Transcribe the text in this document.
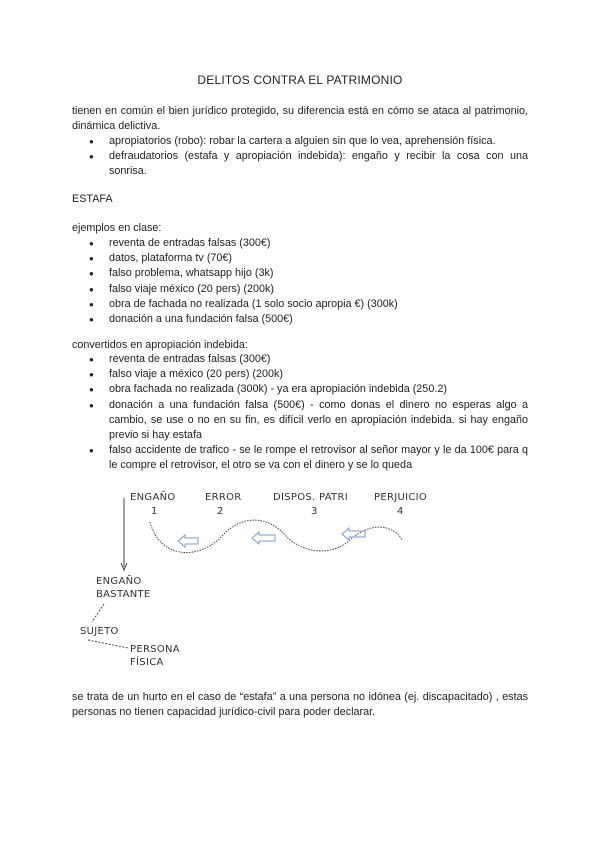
DELITOS CONTRA EL PATRIMONIO
tienen en común el bien jurídico protegido, su diferencia está en cómo se ataca al patrimonio, dinámica delictiva.
● apropiatorios (robo): robar la cartera a alguien sin que lo vea, aprehensión física.
● defraudatorios (estafa y apropiación indebida): engaño y recibir la cosa con una sonrisa.
ESTAFA
ejemplos en clase:
● reventa de entradas falsas (300€)
● datos, plataforma tv (70€)
● falso problema, whatsapp hijo (3k)
● falso viaje méxico (20 pers) (200k)
● obra de fachada no realizada (1 solo socio apropia €) (300k)
● donación a una fundación falsa (500€)
convertidos en apropiación indebida:
● reventa de entradas falsas (300€)
● falso viaje a méxico (20 pers) (200k)
● obra fachada no realizada (300k) - ya era apropiación indebida (250.2)
● donación a una fundación falsa (500€) - como donas el dinero no esperas algo a cambio, se use o no en su fin, es difícil verlo en apropiación indebida. si hay engaño previo si hay estafa
● falso accidente de trafico - se le rompe el retrovisor al señor mayor y le da 100€ para q le compre el retrovisor, el otro se va con el dinero y se lo queda
ENGAÑO
1
ERROR
2
DISPOS. PATRI
3
PERJUICIO
4
ENGAÑO
BASTANTE
SUJETO
PERSONA
FÍSICA
se trata de un hurto en el caso de “estafa” a una persona no idónea (ej. discapacitado) , estas personas no tienen capacidad jurídico-civil para poder declarar.
